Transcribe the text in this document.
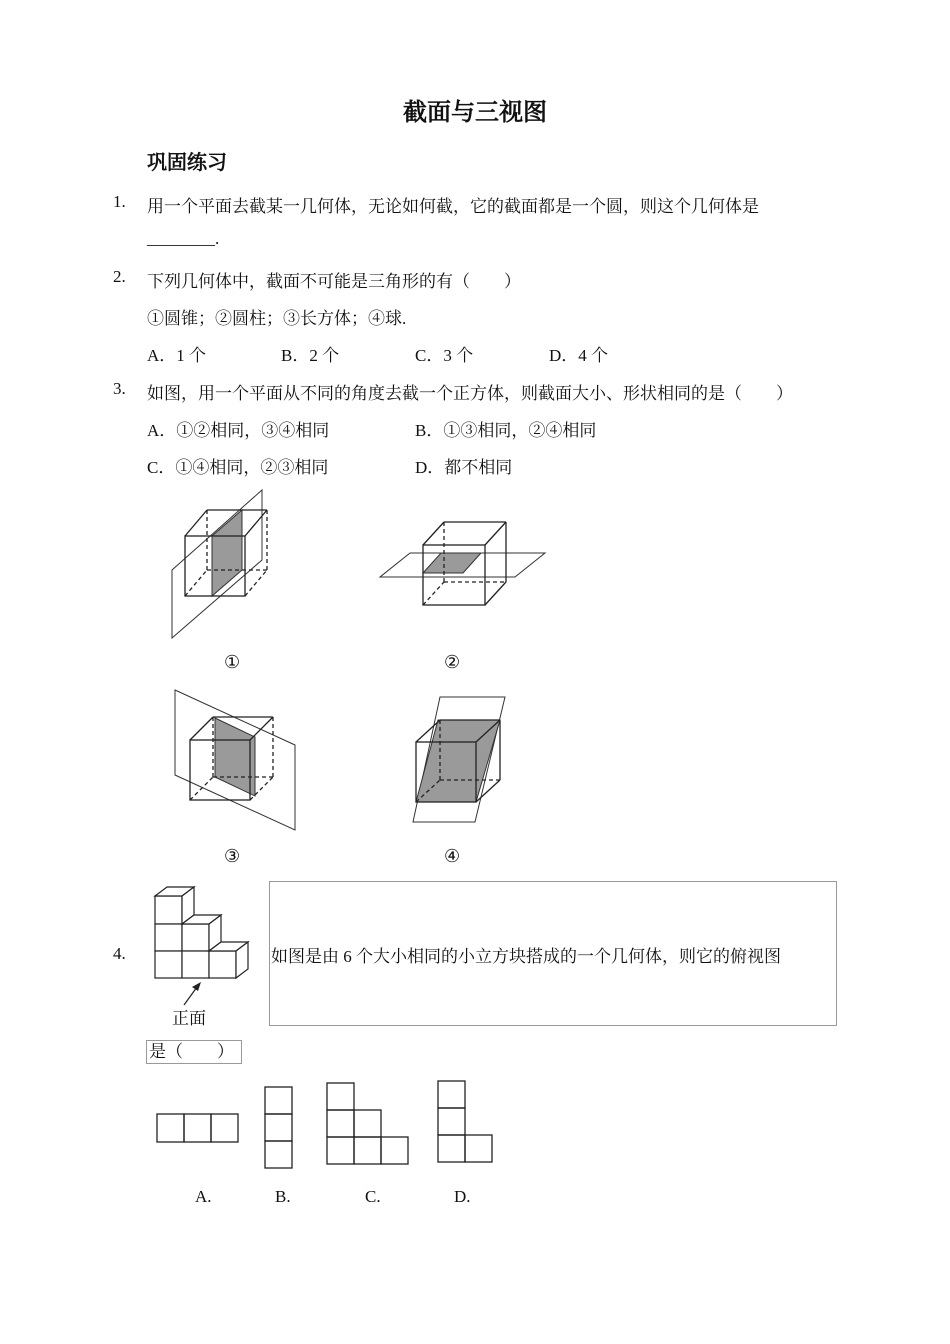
截面与三视图
巩固练习
1. 用一个平面去截某一几何体，无论如何截，它的截面都是一个圆，则这个几何体是
________.
2. 下列几何体中，截面不可能是三角形的有（　　）
①圆锥；②圆柱；③长方体；④球.
A．1 个	B．2 个	C．3 个	D．4 个
3. 如图，用一个平面从不同的角度去截一个正方体，则截面大小、形状相同的是（　　）
A．①②相同，③④相同	B．①③相同，②④相同
C．①④相同，②③相同	D．都不相同
①	②
③	④
4.
正面
如图是由 6 个大小相同的小立方块搭成的一个几何体，则它的俯视图
是（　　）
A.	B.	C.	D.
